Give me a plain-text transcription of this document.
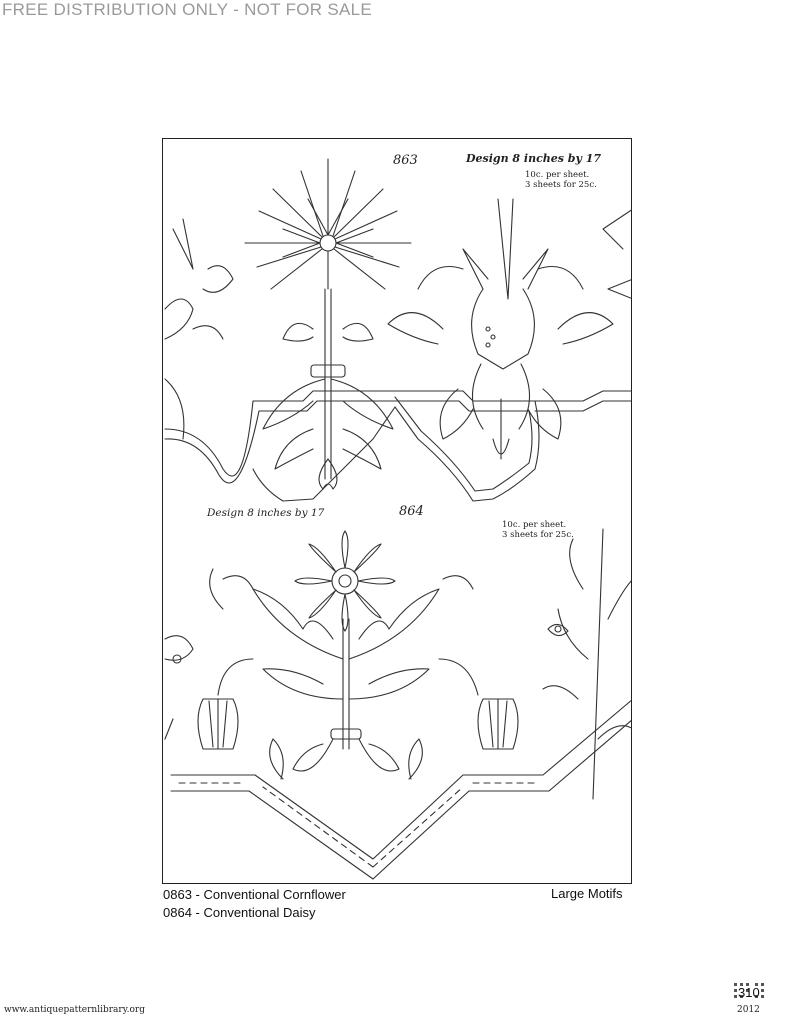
FREE DISTRIBUTION ONLY - NOT FOR SALE
863	Design 8 inches by 17
10c. per sheet.
3 sheets for 25c.
Design 8 inches by 17	864
10c. per sheet.
3 sheets for 25c.
0863 - Conventional Cornflower
0864 - Conventional Daisy
Large Motifs
310
www.antiquepatternlibrary.org	2012
